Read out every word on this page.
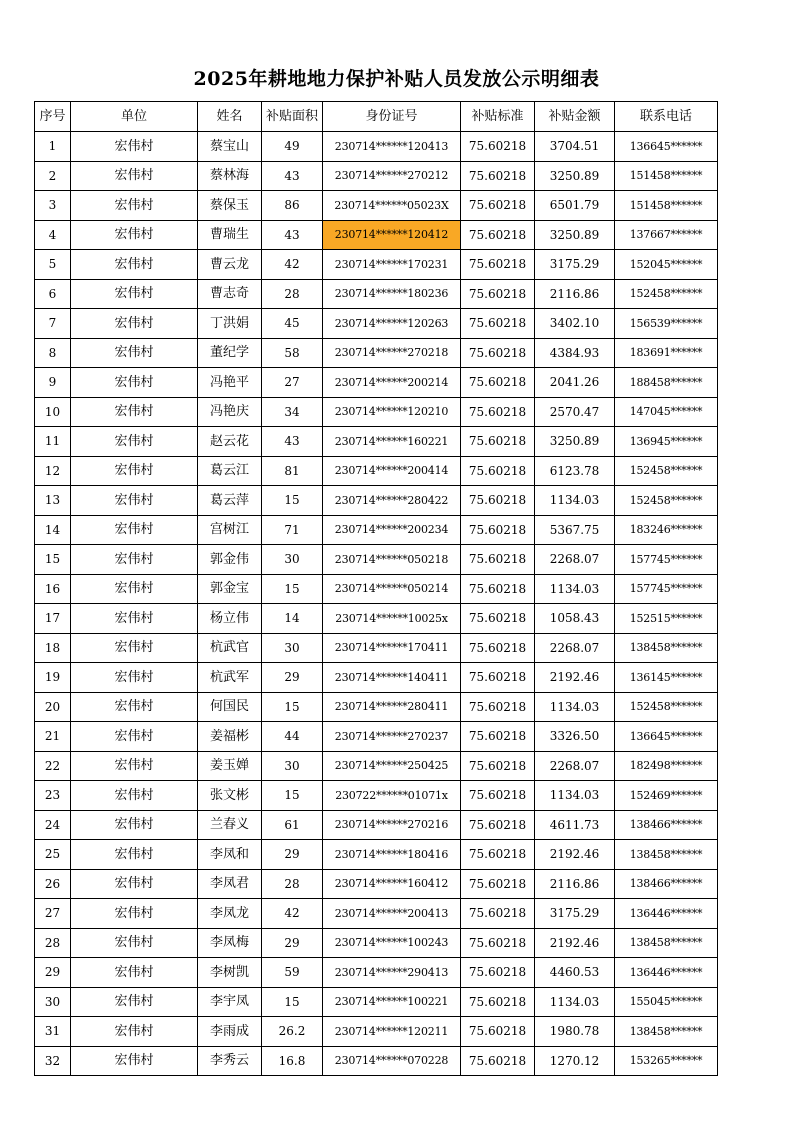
2025年耕地地力保护补贴人员发放公示明细表
序号	单位	姓名	补贴面积	身份证号	补贴标准	补贴金额	联系电话
1	宏伟村	蔡宝山	49	230714******120413	75.60218	3704.51	136645******
2	宏伟村	蔡林海	43	230714******270212	75.60218	3250.89	151458******
3	宏伟村	蔡保玉	86	230714******05023X	75.60218	6501.79	151458******
4	宏伟村	曹瑞生	43	230714******120412	75.60218	3250.89	137667******
5	宏伟村	曹云龙	42	230714******170231	75.60218	3175.29	152045******
6	宏伟村	曹志奇	28	230714******180236	75.60218	2116.86	152458******
7	宏伟村	丁洪娟	45	230714******120263	75.60218	3402.10	156539******
8	宏伟村	董纪学	58	230714******270218	75.60218	4384.93	183691******
9	宏伟村	冯艳平	27	230714******200214	75.60218	2041.26	188458******
10	宏伟村	冯艳庆	34	230714******120210	75.60218	2570.47	147045******
11	宏伟村	赵云花	43	230714******160221	75.60218	3250.89	136945******
12	宏伟村	葛云江	81	230714******200414	75.60218	6123.78	152458******
13	宏伟村	葛云萍	15	230714******280422	75.60218	1134.03	152458******
14	宏伟村	宫树江	71	230714******200234	75.60218	5367.75	183246******
15	宏伟村	郭金伟	30	230714******050218	75.60218	2268.07	157745******
16	宏伟村	郭金宝	15	230714******050214	75.60218	1134.03	157745******
17	宏伟村	杨立伟	14	230714******10025x	75.60218	1058.43	152515******
18	宏伟村	杭武官	30	230714******170411	75.60218	2268.07	138458******
19	宏伟村	杭武军	29	230714******140411	75.60218	2192.46	136145******
20	宏伟村	何国民	15	230714******280411	75.60218	1134.03	152458******
21	宏伟村	姜福彬	44	230714******270237	75.60218	3326.50	136645******
22	宏伟村	姜玉婵	30	230714******250425	75.60218	2268.07	182498******
23	宏伟村	张文彬	15	230722******01071x	75.60218	1134.03	152469******
24	宏伟村	兰春义	61	230714******270216	75.60218	4611.73	138466******
25	宏伟村	李凤和	29	230714******180416	75.60218	2192.46	138458******
26	宏伟村	李凤君	28	230714******160412	75.60218	2116.86	138466******
27	宏伟村	李凤龙	42	230714******200413	75.60218	3175.29	136446******
28	宏伟村	李凤梅	29	230714******100243	75.60218	2192.46	138458******
29	宏伟村	李树凯	59	230714******290413	75.60218	4460.53	136446******
30	宏伟村	李宇凤	15	230714******100221	75.60218	1134.03	155045******
31	宏伟村	李雨成	26.2	230714******120211	75.60218	1980.78	138458******
32	宏伟村	李秀云	16.8	230714******070228	75.60218	1270.12	153265******
